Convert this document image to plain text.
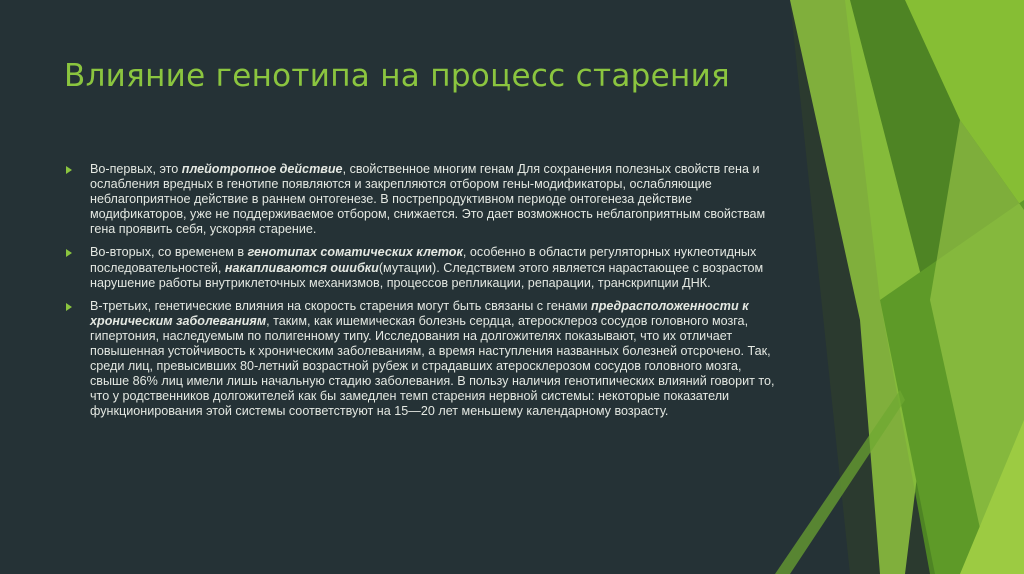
Влияние генотипа на процесс старения
Во-первых, это плейотропное действие, свойственное многим генам Для сохранения полезных свойств гена и ослабления вредных в генотипе появляются и закрепляются отбором гены-модификаторы, ослабляющие неблагоприятное действие в раннем онтогенезе. В пострепродуктивном периоде онтогенеза действие модификаторов, уже не поддерживаемое отбором, снижается. Это дает возможность неблагоприятным свойствам гена проявить себя, ускоряя старение.
Во-вторых, со временем в генотипах соматических клеток, особенно в области регуляторных нуклеотидных последовательностей, накапливаются ошибки(мутации). Следствием этого является нарастающее с возрастом нарушение работы внутриклеточных механизмов, процессов репликации, репарации, транскрипции ДНК.
В-третьих, генетические влияния на скорость старения могут быть связаны с генами предрасположенности к хроническим заболеваниям, таким, как ишемическая болезнь сердца, атеросклероз сосудов головного мозга, гипертония, наследуемым по полигенному типу. Исследования на долгожителях показывают, что их отличает повышенная устойчивость к хроническим заболеваниям, а время наступления названных болезней отсрочено. Так, среди лиц, превысивших 80-летний возрастной рубеж и страдавших атеросклерозом сосудов головного мозга, свыше 86% лиц имели лишь начальную стадию заболевания. В пользу наличия генотипических влияний говорит то, что у родственников долгожителей как бы замедлен темп старения нервной системы: некоторые показатели функционирования этой системы соответствуют на 15—20 лет меньшему календарному возрасту.
